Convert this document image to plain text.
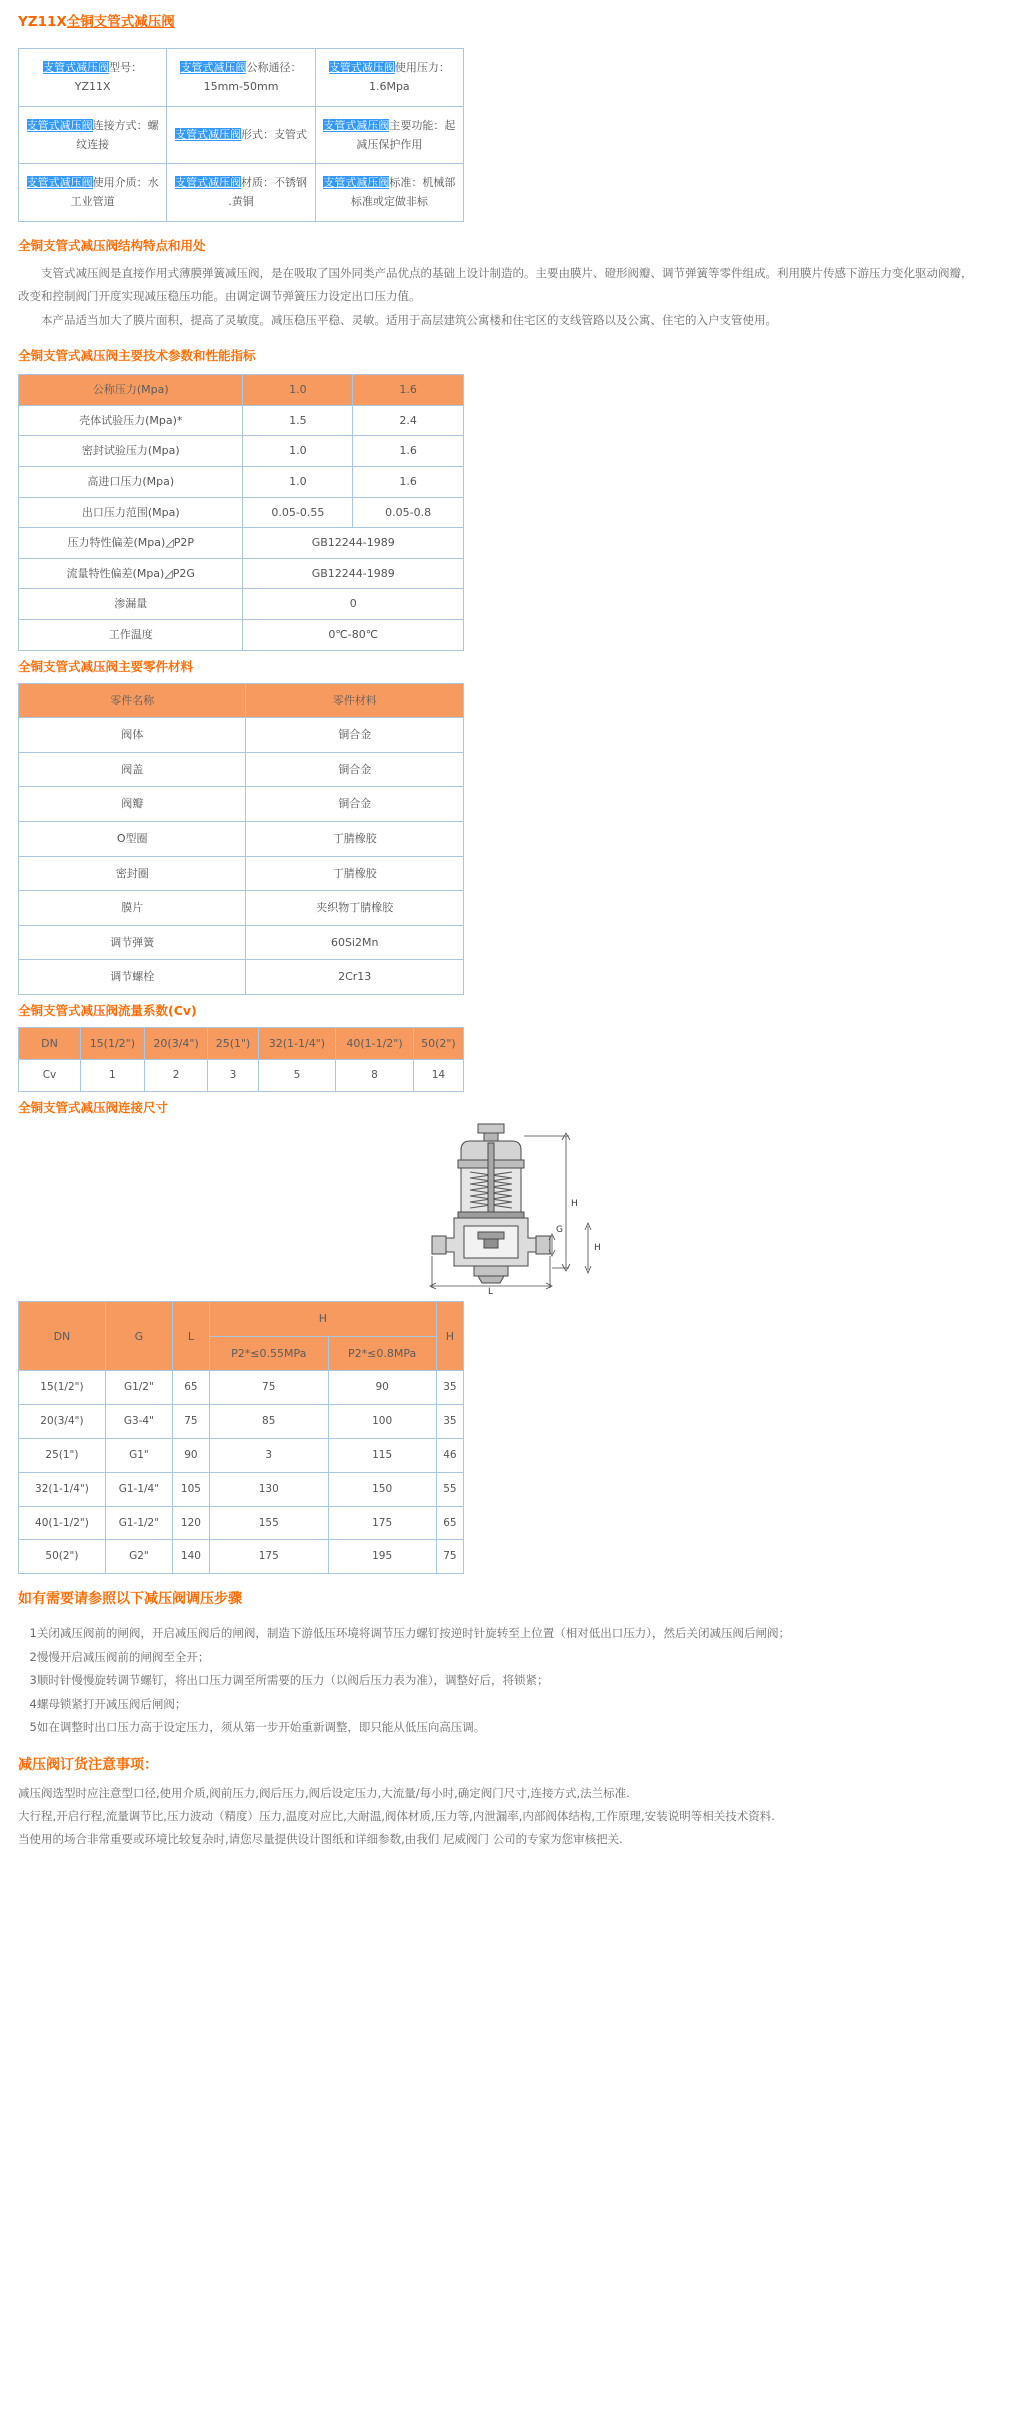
YZ11X全铜支管式减压阀
支管式减压阀型号：YZ11X	支管式减压阀公称通径：15mm-50mm	支管式减压阀使用压力：1.6Mpa
支管式减压阀连接方式：螺纹连接	支管式减压阀形式：支管式	支管式减压阀主要功能：起减压保护作用
支管式减压阀使用介质：水工业管道	支管式减压阀材质：不锈钢 .黄铜	支管式减压阀标准：机械部标准或定做非标
全铜支管式减压阀结构特点和用处

支管式减压阀是直接作用式薄膜弹簧减压阀，是在吸取了国外同类产品优点的基础上设计制造的。主要由膜片、磴形阀瓣、调节弹簧等零件组成。利用膜片传感下游压力变化驱动阀瓣，改变和控制阀门开度实现减压稳压功能。由调定调节弹簧压力设定出口压力值。

本产品适当加大了膜片面积，提高了灵敏度。减压稳压平稳、灵敏。适用于高层建筑公寓楼和住宅区的支线管路以及公寓、住宅的入户支管使用。

全铜支管式减压阀主要技术参数和性能指标
公称压力(Mpa)	1.0	1.6
壳体试验压力(Mpa)*	1.5	2.4
密封试验压力(Mpa)	1.0	1.6
高进口压力(Mpa)	1.0	1.6
出口压力范围(Mpa)	0.05-0.55	0.05-0.8
压力特性偏差(Mpa)◿P2P	GB12244-1989	
流量特性偏差(Mpa)◿P2G	GB12244-1989	
渗漏量	0	
工作温度	0℃-80℃	
全铜支管式减压阀主要零件材料
零件名称	零件材料
阀体	铜合金
阀盖	铜合金
阀瓣	铜合金
O型圈	丁腈橡胶
密封圈	丁腈橡胶
膜片	夹织物丁腈橡胶
调节弹簧	60Si2Mn
调节螺栓	2Cr13
全铜支管式减压阀流量系数(Cv)
DN	15(1/2")	20(3/4")	25(1")	32(1-1/4")	40(1-1/2")	50(2")
Cv	1	2	3	5	8	14
全铜支管式减压阀连接尺寸
H
G
L
H
DN	G	L	H		H
			P2*≤0.55MPa	P2*≤0.8MPa	
15(1/2")	G1/2"	65	75	90	35
20(3/4")	G3-4"	75	85	100	35
25(1")	G1"	90	3	115	46
32(1-1/4")	G1-1/4"	105	130	150	55
40(1-1/2")	G1-1/2"	120	155	175	65
50(2")	G2"	140	175	195	75
如有需要请参照以下减压阀调压步骤

1关闭减压阀前的闸阀，开启减压阀后的闸阀，制造下游低压环境将调节压力螺钉按逆时针旋转至上位置（相对低出口压力），然后关闭减压阀后闸阀；

2慢慢开启减压阀前的闸阀至全开；

3顺时针慢慢旋转调节螺钉，将出口压力调至所需要的压力（以阀后压力表为准），调整好后，将锁紧；

4螺母锁紧打开减压阀后闸阀；

5如在调整时出口压力高于设定压力，须从第一步开始重新调整，即只能从低压向高压调。

减压阀订货注意事项：

减压阀选型时应注意型口径,使用介质,阀前压力,阀后压力,阀后设定压力,大流量/每小时,确定阀门尺寸,连接方式,法兰标准.

大行程,开启行程,流量调节比,压力波动（精度）压力,温度对应比,大耐温,阀体材质,压力等,内泄漏率,内部阀体结构,工作原理,安装说明等相关技术资料.

当使用的场合非常重要或环境比较复杂时,请您尽量提供设计图纸和详细参数,由我们 尼威阀门 公司的专家为您审核把关.
